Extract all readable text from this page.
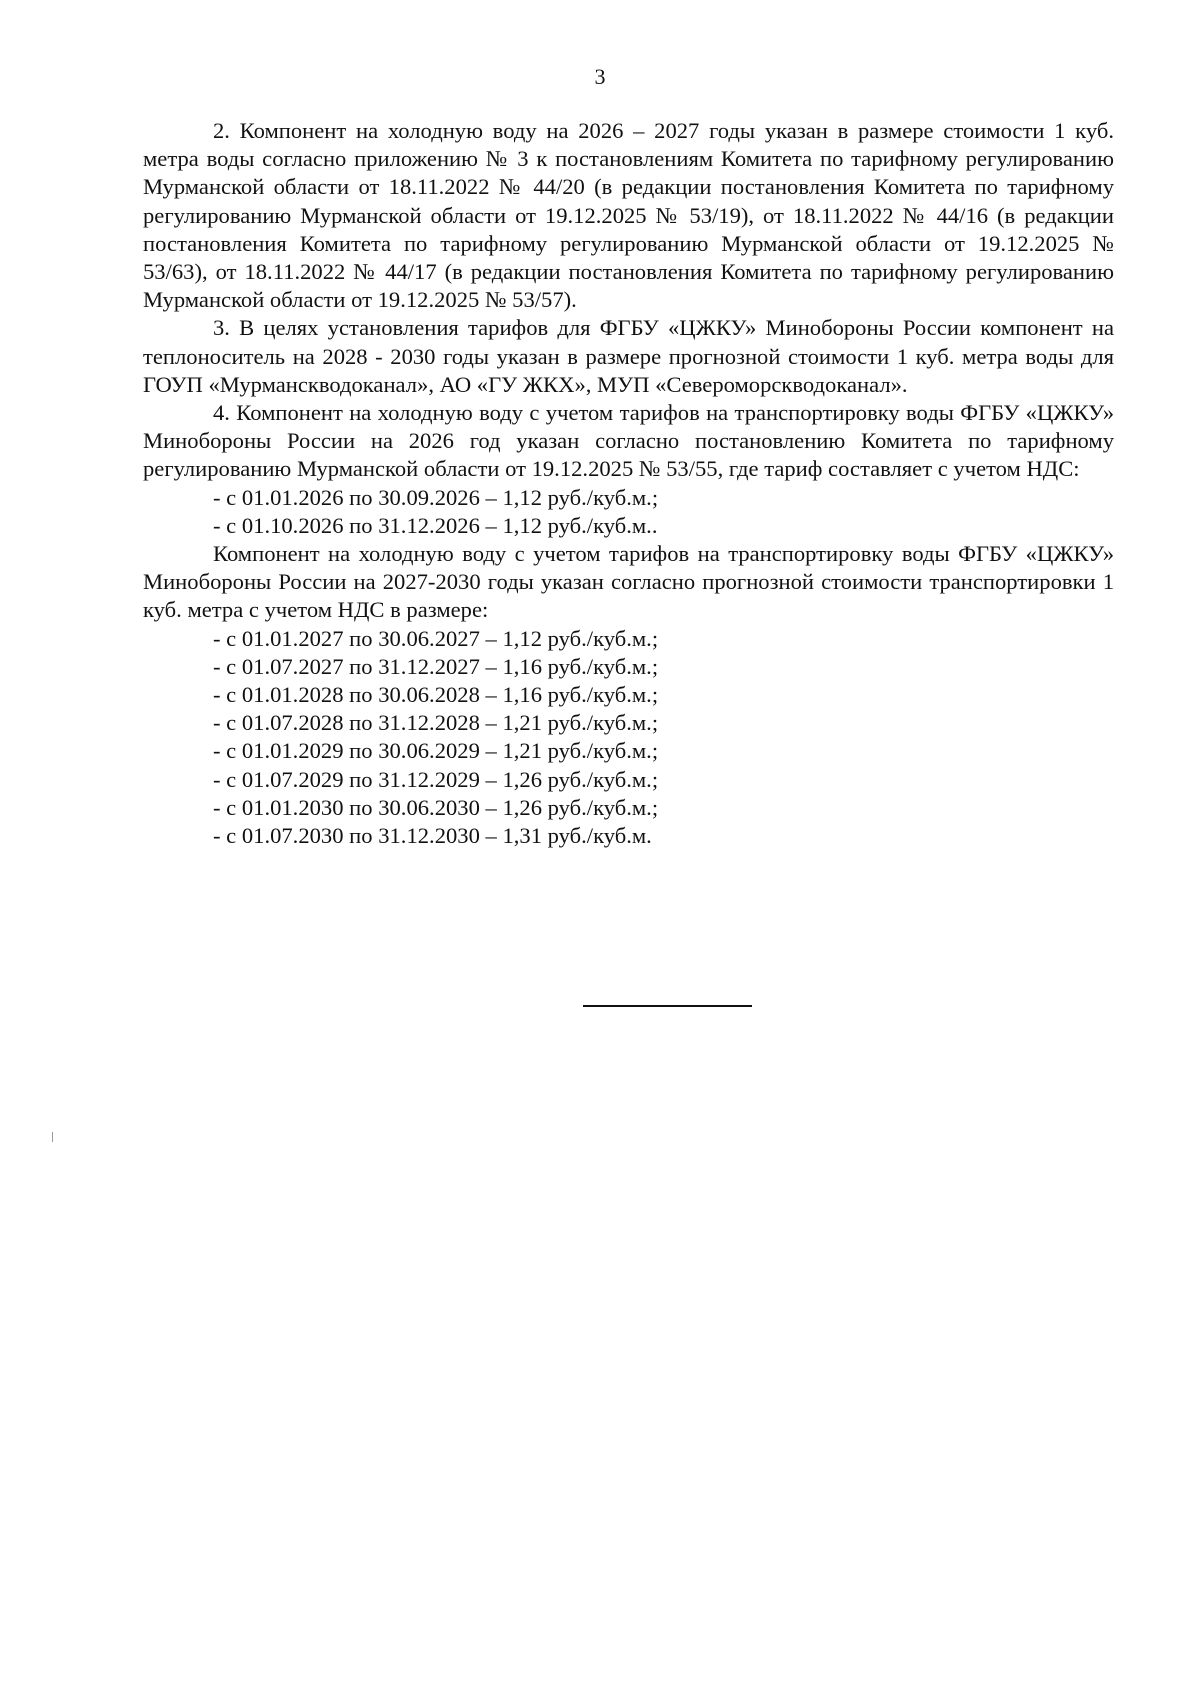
3

2. Компонент на холодную воду на 2026 – 2027 годы указан в размере стоимости 1 куб. метра воды согласно приложению № 3 к постановлениям Комитета по тарифному регулированию Мурманской области от 18.11.2022 № 44/20 (в редакции постановления Комитета по тарифному регулированию Мурманской области от 19.12.2025 № 53/19), от 18.11.2022 № 44/16 (в редакции постановления Комитета по тарифному регулированию Мурманской области от 19.12.2025 № 53/63), от 18.11.2022 № 44/17 (в редакции постановления Комитета по тарифному регулированию Мурманской области от 19.12.2025 № 53/57).

3. В целях установления тарифов для ФГБУ «ЦЖКУ» Минобороны России компонент на теплоноситель на 2028 - 2030 годы указан в размере прогнозной стоимости 1 куб. метра воды для ГОУП «Мурманскводоканал», АО «ГУ ЖКХ», МУП «Североморскводоканал».

4. Компонент на холодную воду с учетом тарифов на транспортировку воды ФГБУ «ЦЖКУ» Минобороны России на 2026 год указан согласно постановлению Комитета по тарифному регулированию Мурманской области от 19.12.2025 № 53/55, где тариф составляет с учетом НДС:

- с 01.01.2026 по 30.09.2026 – 1,12 руб./куб.м.;
- с 01.10.2026 по 31.12.2026 – 1,12 руб./куб.м..

Компонент на холодную воду с учетом тарифов на транспортировку воды ФГБУ «ЦЖКУ» Минобороны России на 2027-2030 годы указан согласно прогнозной стоимости транспортировки 1 куб. метра с учетом НДС в размере:

- с 01.01.2027 по 30.06.2027 – 1,12 руб./куб.м.;
- с 01.07.2027 по 31.12.2027 – 1,16 руб./куб.м.;
- с 01.01.2028 по 30.06.2028 – 1,16 руб./куб.м.;
- с 01.07.2028 по 31.12.2028 – 1,21 руб./куб.м.;
- с 01.01.2029 по 30.06.2029 – 1,21 руб./куб.м.;
- с 01.07.2029 по 31.12.2029 – 1,26 руб./куб.м.;
- с 01.01.2030 по 30.06.2030 – 1,26 руб./куб.м.;
- с 01.07.2030 по 31.12.2030 – 1,31 руб./куб.м.
